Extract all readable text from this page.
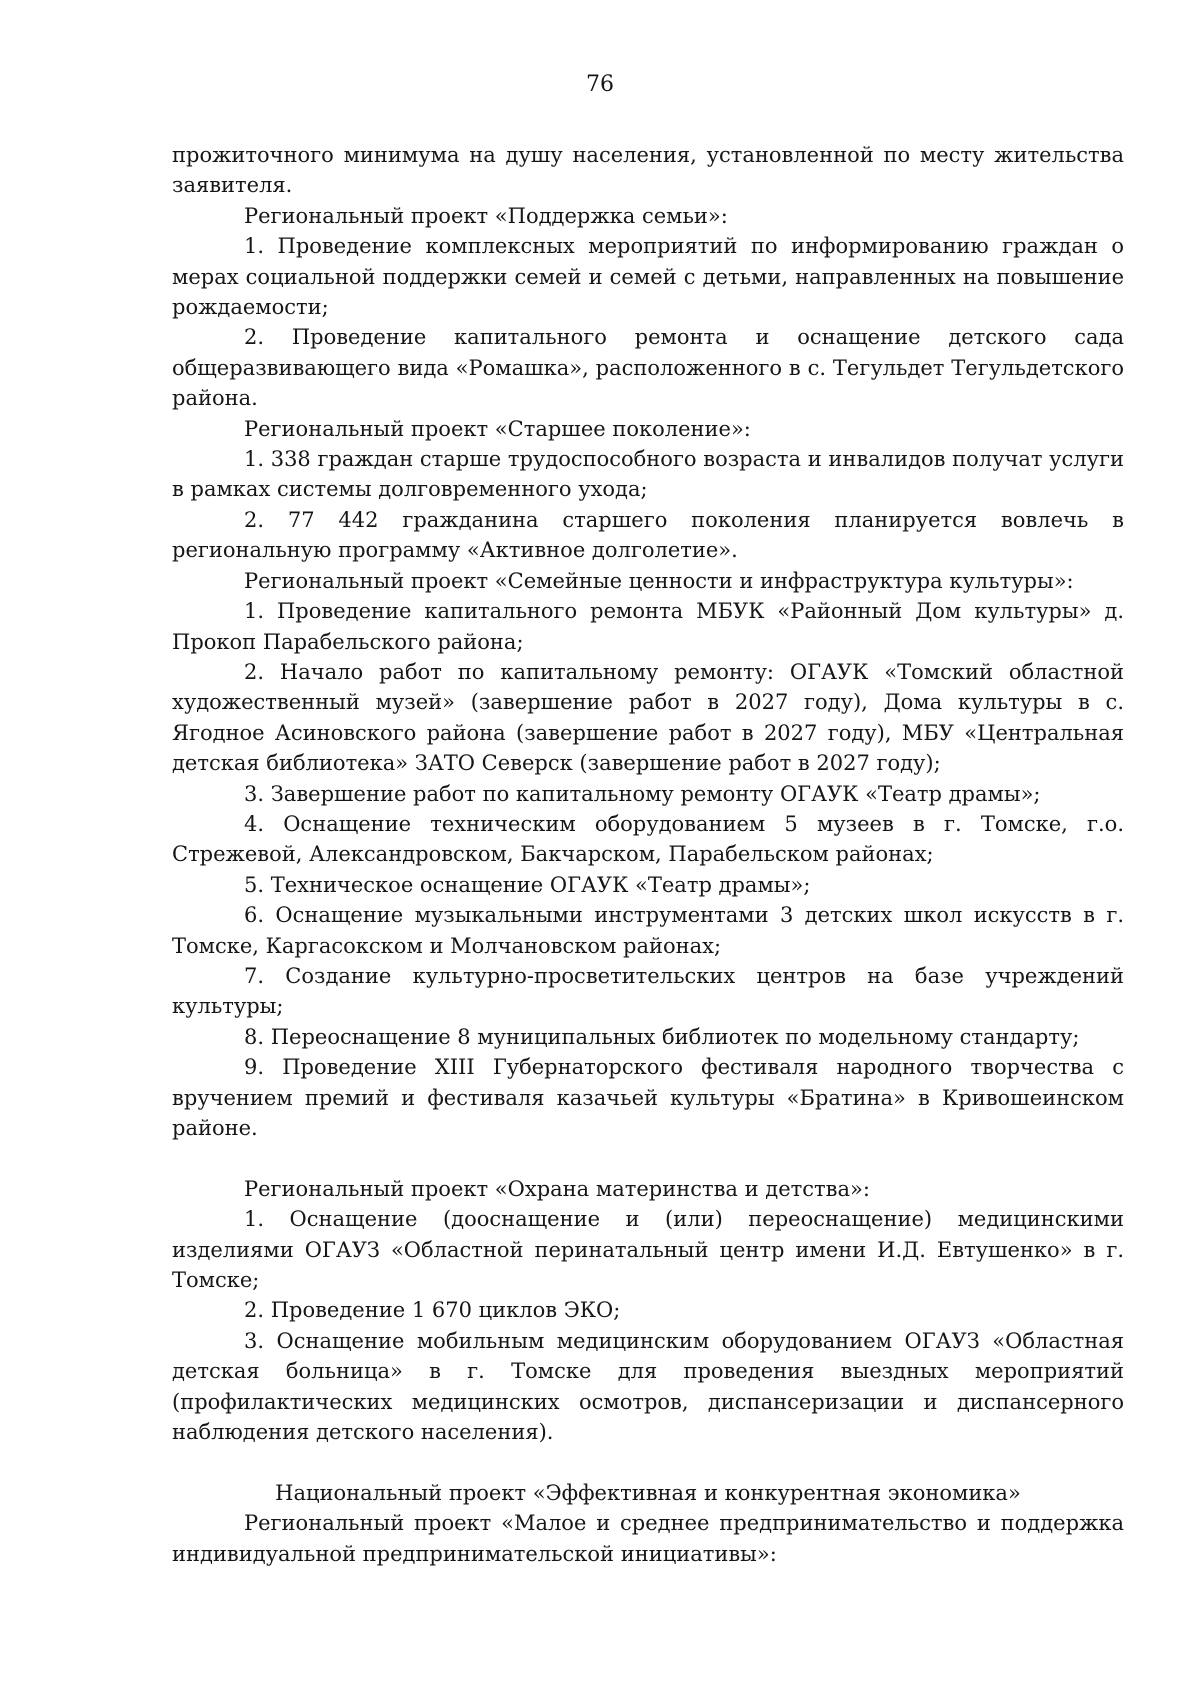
76

прожиточного минимума на душу населения, установленной по месту жительства заявителя.

Региональный проект «Поддержка семьи»:

1. Проведение комплексных мероприятий по информированию граждан о мерах социальной поддержки семей и семей с детьми, направленных на повышение рождаемости;

2. Проведение капитального ремонта и оснащение детского сада общеразвивающего вида «Ромашка», расположенного в с. Тегульдет Тегульдетского района.

Региональный проект «Старшее поколение»:

1. 338 граждан старше трудоспособного возраста и инвалидов получат услуги в рамках системы долговременного ухода;

2. 77 442 гражданина старшего поколения планируется вовлечь в региональную программу «Активное долголетие».

Региональный проект «Семейные ценности и инфраструктура культуры»:

1. Проведение капитального ремонта МБУК «Районный Дом культуры» д. Прокоп Парабельского района;

2. Начало работ по капитальному ремонту: ОГАУК «Томский областной художественный музей» (завершение работ в 2027 году), Дома культуры в с. Ягодное Асиновского района (завершение работ в 2027 году), МБУ «Центральная детская библиотека» ЗАТО Северск (завершение работ в 2027 году);

3. Завершение работ по капитальному ремонту ОГАУК «Театр драмы»;

4. Оснащение техническим оборудованием 5 музеев в г. Томске, г.о. Стрежевой, Александровском, Бакчарском, Парабельском районах;

5. Техническое оснащение ОГАУК «Театр драмы»;

6. Оснащение музыкальными инструментами 3 детских школ искусств в г. Томске, Каргасокском и Молчановском районах;

7. Создание культурно-просветительских центров на базе учреждений культуры;

8. Переоснащение 8 муниципальных библиотек по модельному стандарту;

9. Проведение XIII Губернаторского фестиваля народного творчества с вручением премий и фестиваля казачьей культуры «Братина» в Кривошеинском районе.

Региональный проект «Охрана материнства и детства»:

1. Оснащение (дооснащение и (или) переоснащение) медицинскими изделиями ОГАУЗ «Областной перинатальный центр имени И.Д. Евтушенко» в г. Томске;

2. Проведение 1 670 циклов ЭКО;

3. Оснащение мобильным медицинским оборудованием ОГАУЗ «Областная детская больница» в г. Томске для проведения выездных мероприятий (профилактических медицинских осмотров, диспансеризации и диспансерного наблюдения детского населения).

Национальный проект «Эффективная и конкурентная экономика»

Региональный проект «Малое и среднее предпринимательство и поддержка индивидуальной предпринимательской инициативы»:
